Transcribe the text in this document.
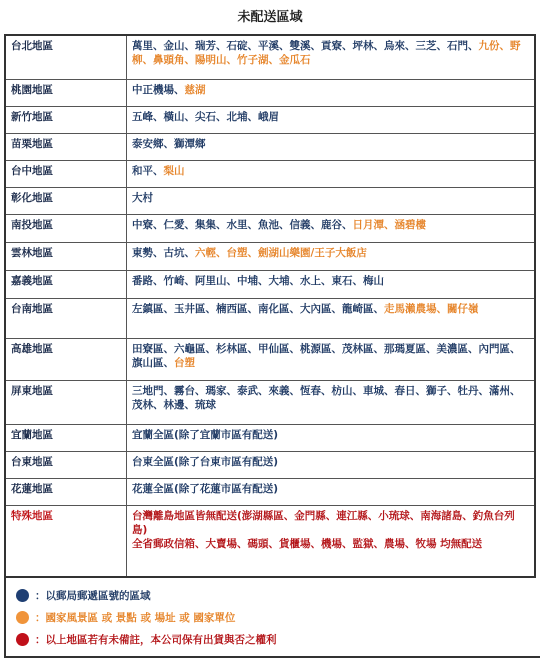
未配送區域
台北地區	萬里、金山、瑞芳、石碇、平溪、雙溪、貢寮、坪林、烏來、三芝、石門、九份、野柳、鼻頭角、陽明山、竹子湖、金瓜石
桃園地區	中正機場、慈湖
新竹地區	五峰、橫山、尖石、北埔、峨眉
苗栗地區	泰安鄉、獅潭鄉
台中地區	和平、梨山
彰化地區	大村
南投地區	中寮、仁愛、集集、水里、魚池、信義、鹿谷、日月潭、涵碧樓
雲林地區	東勢、古坑、六輕、台塑、劍湖山樂園/王子大飯店
嘉義地區	番路、竹崎、阿里山、中埔、大埔、水上、東石、梅山
台南地區	左鎮區、玉井區、楠西區、南化區、大內區、龍崎區、走馬瀨農場、關仔嶺
高雄地區	田寮區、六龜區、杉林區、甲仙區、桃源區、茂林區、那瑪夏區、美濃區、內門區、旗山區、台塑
屏東地區	三地門、霧台、瑪家、泰武、來義、恆春、枋山、車城、春日、獅子、牡丹、滿州、茂林、林邊、琉球
宜蘭地區	宜蘭全區(除了宜蘭市區有配送)
台東地區	台東全區(除了台東市區有配送)
花蓮地區	花蓮全區(除了花蓮市區有配送)
特殊地區	台灣離島地區皆無配送(澎湖縣區、金門縣、連江縣、小琉球、南海諸島、釣魚台列島)
全省郵政信箱、大賣場、碼頭、貨櫃場、機場、監獄、農場、牧場 均無配送
：以郵局郵遞區號的區域
：國家風景區 或 景點 或 場址 或 國家單位
：以上地區若有未備註，本公司保有出貨與否之權利
